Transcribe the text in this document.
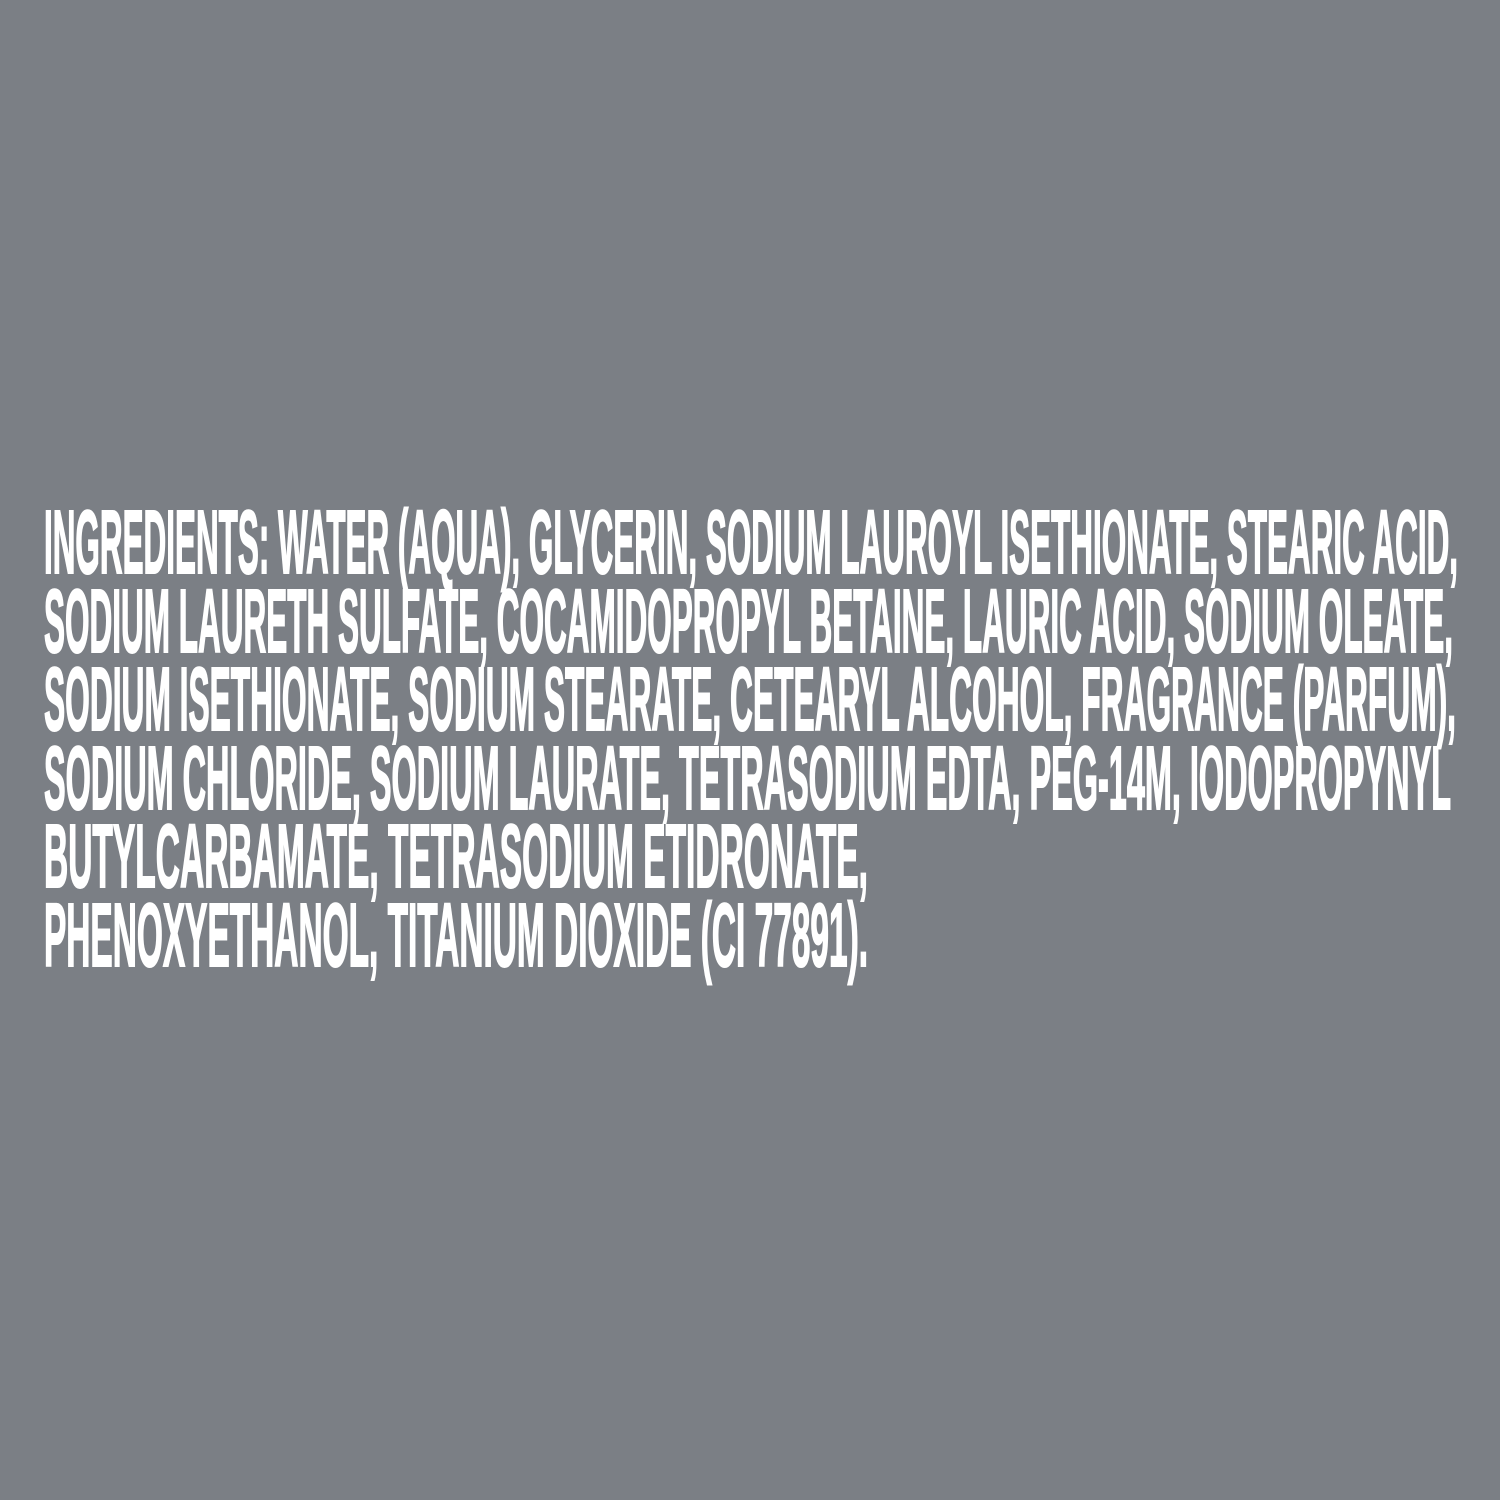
INGREDIENTS: WATER (AQUA), GLYCERIN, SODIUM LAUROYL ISETHIONATE, STEARIC ACID,
SODIUM LAURETH SULFATE, COCAMIDOPROPYL BETAINE, LAURIC ACID, SODIUM OLEATE,
SODIUM ISETHIONATE, SODIUM STEARATE, CETEARYL ALCOHOL, FRAGRANCE (PARFUM),
SODIUM CHLORIDE, SODIUM LAURATE, TETRASODIUM EDTA, PEG-14M, IODOPROPYNYL
BUTYLCARBAMATE, TETRASODIUM ETIDRONATE,
PHENOXYETHANOL, TITANIUM DIOXIDE (CI 77891).
